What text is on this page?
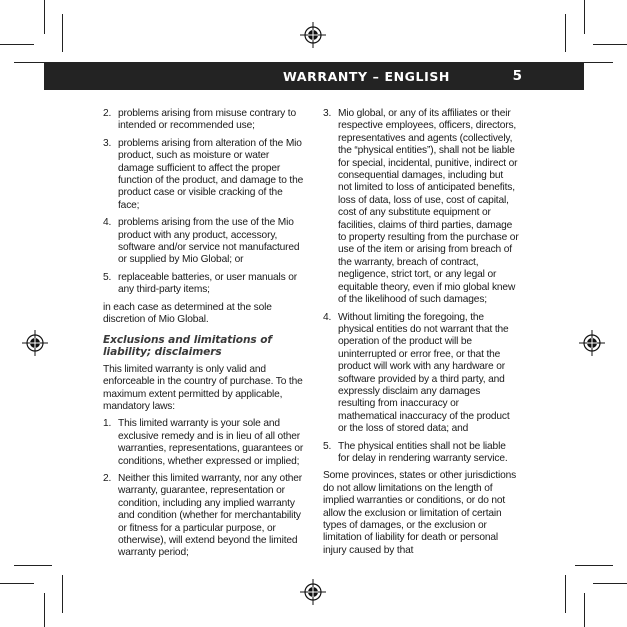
WARRANTY – ENGLISH	5
2. problems arising from misuse contrary to intended or recommended use;
3. problems arising from alteration of the Mio product, such as moisture or water damage sufficient to affect the proper function of the product, and damage to the product case or visible cracking of the face;
4. problems arising from the use of the Mio product with any product, accessory, software and/or service not manufactured or supplied by Mio Global; or
5. replaceable batteries, or user manuals or any third-party items;

in each case as determined at the sole discretion of Mio Global.

Exclusions and limitations of liability; disclaimers

This limited warranty is only valid and enforceable in the country of purchase. To the maximum extent permitted by applicable, mandatory laws:

1. This limited warranty is your sole and exclusive remedy and is in lieu of all other warranties, representations, guarantees or conditions, whether expressed or implied;
2. Neither this limited warranty, nor any other warranty, guarantee, representation or condition, including any implied warranty and condition (whether for merchantability or fitness for a particular purpose, or otherwise), will extend beyond the limited warranty period;
3. Mio global, or any of its affiliates or their respective employees, officers, directors, representatives and agents (collectively, the “physical entities”), shall not be liable for special, incidental, punitive, indirect or consequential damages, including but not limited to loss of anticipated benefits, loss of data, loss of use, cost of capital, cost of any substitute equipment or facilities, claims of third parties, damage to property resulting from the purchase or use of the item or arising from breach of the warranty, breach of contract, negligence, strict tort, or any legal or equitable theory, even if mio global knew of the likelihood of such damages;
4. Without limiting the foregoing, the physical entities do not warrant that the operation of the product will be uninterrupted or error free, or that the product will work with any hardware or software provided by a third party, and expressly disclaim any damages resulting from inaccuracy or mathematical inaccuracy of the product or the loss of stored data; and
5. The physical entities shall not be liable for delay in rendering warranty service.

Some provinces, states or other jurisdictions do not allow limitations on the length of implied warranties or conditions, or do not allow the exclusion or limitation of certain types of damages, or the exclusion or limitation of liability for death or personal injury caused by that
